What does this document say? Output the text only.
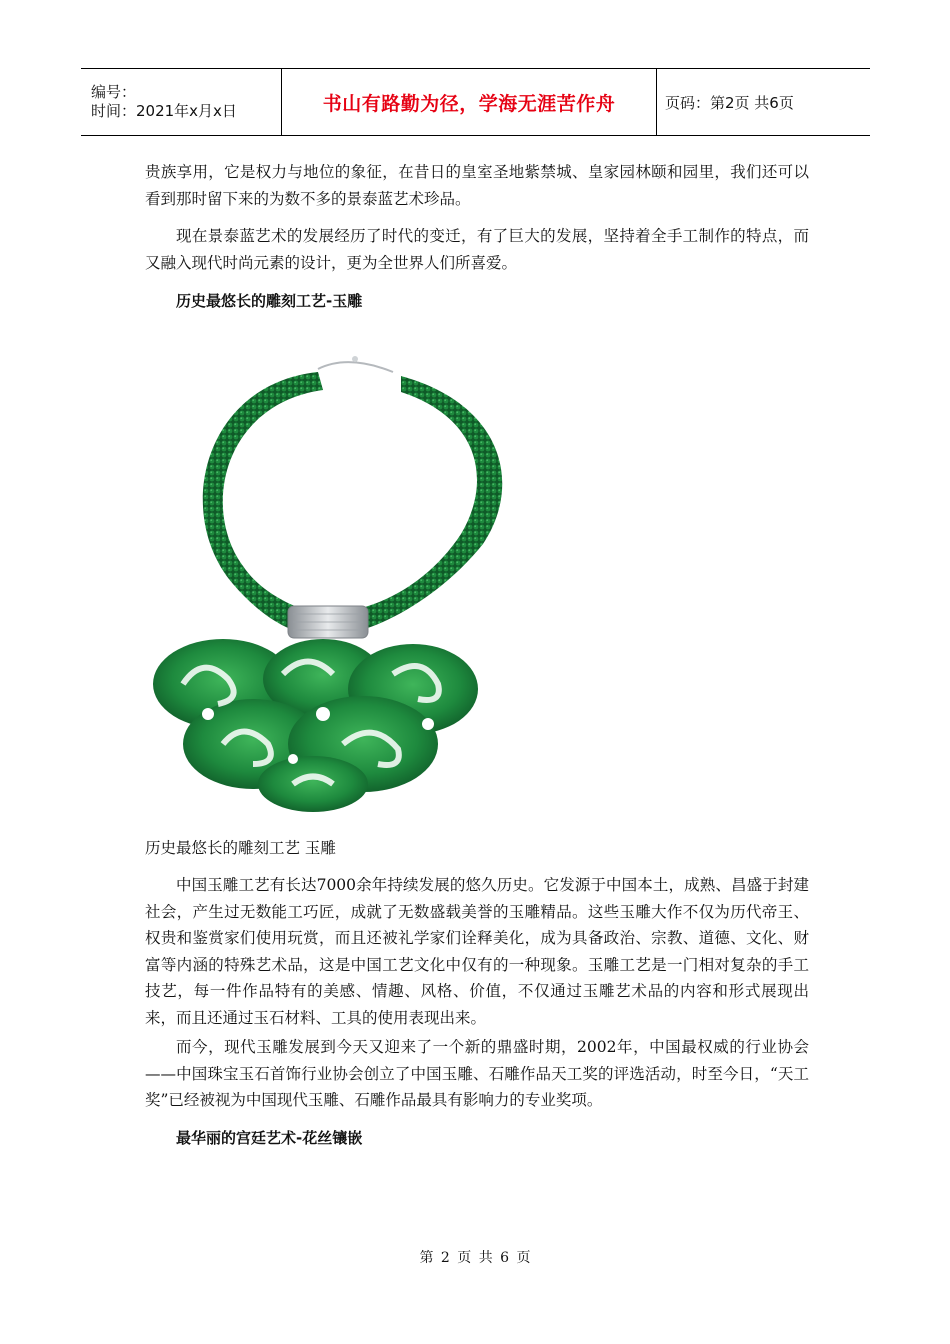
编号：
时间：2021年x月x日	书山有路勤为径，学海无涯苦作舟	页码：第2页 共6页
贵族享用，它是权力与地位的象征，在昔日的皇室圣地紫禁城、皇家园林颐和园里，我们还可以看到那时留下来的为数不多的景泰蓝艺术珍品。
现在景泰蓝艺术的发展经历了时代的变迁，有了巨大的发展，坚持着全手工制作的特点，而又融入现代时尚元素的设计，更为全世界人们所喜爱。
历史最悠长的雕刻工艺-玉雕
历史最悠长的雕刻工艺 玉雕
中国玉雕工艺有长达7000余年持续发展的悠久历史。它发源于中国本土，成熟、昌盛于封建社会，产生过无数能工巧匠，成就了无数盛载美誉的玉雕精品。这些玉雕大作不仅为历代帝王、权贵和鉴赏家们使用玩赏，而且还被礼学家们诠释美化，成为具备政治、宗教、道德、文化、财富等内涵的特殊艺术品，这是中国工艺文化中仅有的一种现象。玉雕工艺是一门相对复杂的手工技艺，每一件作品特有的美感、情趣、风格、价值，不仅通过玉雕艺术品的内容和形式展现出来，而且还通过玉石材料、工具的使用表现出来。
而今，现代玉雕发展到今天又迎来了一个新的鼎盛时期，2002年，中国最权威的行业协会——中国珠宝玉石首饰行业协会创立了中国玉雕、石雕作品天工奖的评选活动，时至今日，“天工奖”已经被视为中国现代玉雕、石雕作品最具有影响力的专业奖项。
最华丽的宫廷艺术-花丝镶嵌
第 2 页 共 6 页
